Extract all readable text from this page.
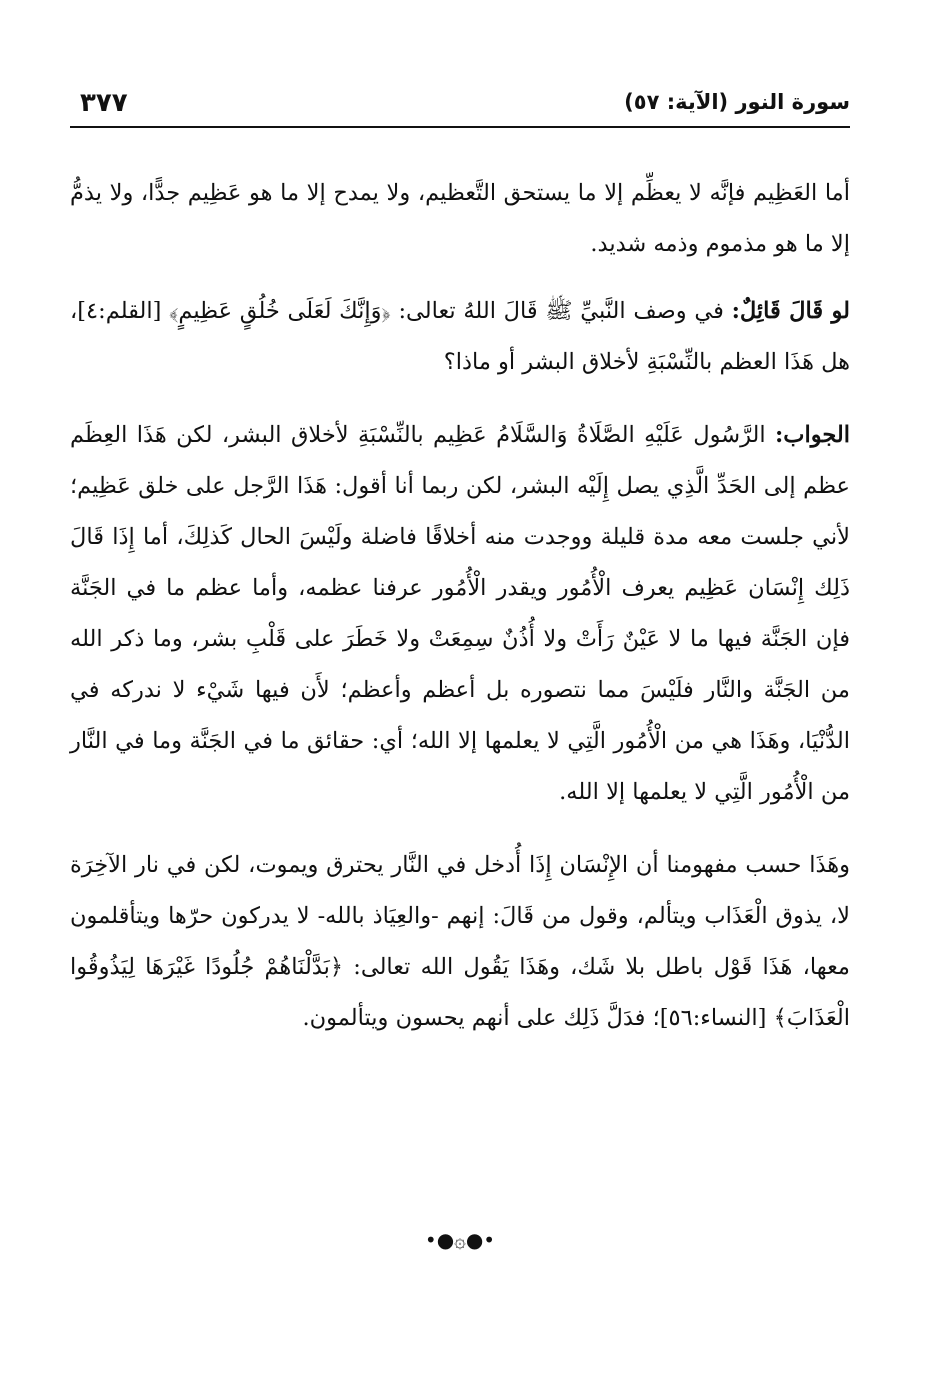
٣٧٧	سورة النور (الآية: ٥٧)

أما العَظِيم فإنَّه لا يعظِّم إلا ما يستحق التَّعظيم، ولا يمدح إلا ما هو عَظِيم جدًّا، ولا يذمُّ إلا ما هو مذموم وذمه شديد.

لو قَالَ قَائِلٌ: في وصف النَّبيِّ ﷺ قَالَ اللهُ تعالى: ﴿وَإِنَّكَ لَعَلَى خُلُقٍ عَظِيمٍ﴾ [القلم:٤]، هل هَذَا العظم بالنِّسْبَةِ لأخلاق البشر أو ماذا؟

الجواب: الرَّسُول عَلَيْهِ الصَّلَاةُ وَالسَّلَامُ عَظِيم بالنِّسْبَةِ لأخلاق البشر، لكن هَذَا العِظَم عظم إلى الحَدِّ الَّذِي يصل إِلَيْه البشر، لكن ربما أنا أقول: هَذَا الرَّجل على خلق عَظِيم؛ لأني جلست معه مدة قليلة ووجدت منه أخلاقًا فاضلة ولَيْسَ الحال كَذلِكَ، أما إِذَا قَالَ ذَلِك إِنْسَان عَظِيم يعرف الْأُمُور ويقدر الْأُمُور عرفنا عظمه، وأما عظم ما في الجَنَّة فإن الجَنَّة فيها ما لا عَيْنٌ رَأَتْ ولا أُذُنٌ سِمِعَتْ ولا خَطَرَ على قَلْبِ بشر، وما ذكر الله من الجَنَّة والنَّار فلَيْسَ مما نتصوره بل أعظم وأعظم؛ لأَن فيها شَيْء لا ندركه في الدُّنْيَا، وهَذَا هي من الْأُمُور الَّتِي لا يعلمها إلا الله؛ أي: حقائق ما في الجَنَّة وما في النَّار من الْأُمُور الَّتِي لا يعلمها إلا الله.

وهَذَا حسب مفهومنا أن الإِنْسَان إِذَا أُدخل في النَّار يحترق ويموت، لكن في نار الآخِرَة لا، يذوق الْعَذَاب ويتألم، وقول من قَالَ: إنهم -والعِيَاذ بالله- لا يدركون حرّها ويتأقلمون معها، هَذَا قَوْل باطل بلا شَك، وهَذَا يَقُول الله تعالى: ﴿بَدَّلْنَاهُمْ جُلُودًا غَيْرَهَا لِيَذُوقُوا الْعَذَابَ﴾ [النساء:٥٦]؛ فدَلَّ ذَلِك على أنهم يحسون ويتألمون.

•●۞●•
